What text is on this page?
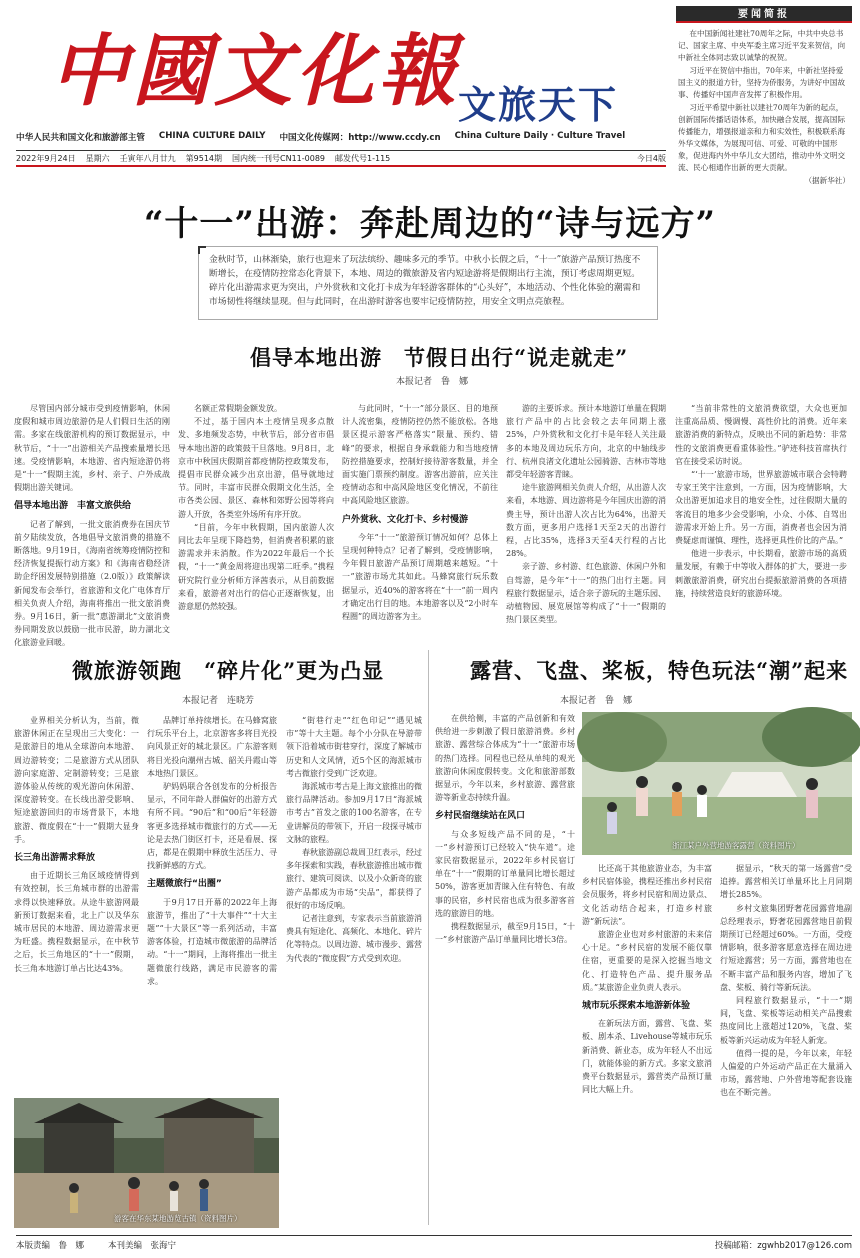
中國文化報
文旅天下
中华人民共和国文化和旅游部主管 CHINA CULTURE DAILY 中国文化传媒网：http://www.ccdy.cn China Culture Daily · Culture Travel
2022年9月24日 星期六 壬寅年八月廿九 第9514期 国内统一刊号CN11-0089 邮发代号1-115	今日4版
要闻简报

在中国新闻社建社70周年之际，中共中央总书记、国家主席、中央军委主席习近平发来贺信，向中新社全体同志致以诚挚的祝贺。

习近平在贺信中指出，70年来，中新社坚持爱国主义的报道方针，坚持为侨服务，为讲好中国故事、传播好中国声音发挥了积极作用。

习近平希望中新社以建社70周年为新的起点，创新国际传播话语体系，加快融合发展，提高国际传播能力，增强报道亲和力和实效性，积极联系海外华文媒体，为展现可信、可爱、可敬的中国形象，促进海内外中华儿女大团结，推动中外文明交流、民心相通作出新的更大贡献。

（据新华社）

“十一”出游：奔赴周边的“诗与远方”
金秋时节，山林渐染，旅行也迎来了玩法缤纷、趣味多元的季节。中秋小长假之后，“十一”旅游产品预订热度不断增长，在疫情防控常态化背景下，本地、周边的微旅游及省内短途游将是假期出行主流，预订考虑周期更短。碎片化出游需求更为突出，户外赏秋和文化打卡成为年轻游客群体的“心头好”，本地活动、个性化体验的潮需和市场韧性将继续显现。但与此同时，在出游时游客也要牢记疫情防控，用安全文明点亮旅程。
倡导本地出游　节假日出行“说走就走”
本报记者　鲁　娜

尽管国内部分城市受到疫情影响，休闲度假和城市周边旅游仍是人们假日生活的刚需。多家在线旅游机构的预订数据显示，中秋节后，“十一”出游相关产品搜索量增长迅速。受疫情影响，本地游、省内短途游仍将是“十一”假期主流，乡村、亲子、户外成战假期出游关键词。

倡导本地出游　丰富文旅供给

记者了解到，一批文旅消费券在国庆节前夕陆续发放，各地倡导文旅消费的措施不断落地。9月19日，《海南省统筹疫情防控和经济恢复提振行动方案》和《海南省稳经济助企纾困发展特别措施（2.0版）》政策解读新闻发布会举行，省旅游和文化广电体育厅相关负责人介绍，海南将推出一批文旅消费券。9月16日，新一批“惠游湖北”文旅消费券同期发放以鼓励一批市民游，助力湖北文化旅游业回暖。

名额正常假期金额发放。

不过，基于国内本土疫情呈现多点散发、多地频发态势，中秋节后，部分省市倡导本地出游的政策鼓干旦落地。9月8日，北京市中秋国庆假期首都疫情防控政策发布，提倡市民群众减少出京出游，倡导就地过节。同时，丰富市民群众假期文化生活，全市各类公园、景区、森林和郊野公园等将向游人开放，各类室外场所有序开放。

“目前，今年中秋假期，国内旅游人次同比去年呈现下降趋势，但消费者积累的旅游需求并未消散。作为2022年最后一个长假，“十一”黄金周将迎出现第二旺季。”携程研究院行业分析师方泽茜表示，从目前数据来看，旅游者对出行的信心正逐渐恢复，出游意愿仍然较强。

与此同时，“十一”部分景区、目的地预计人流密集，疫情防控仍然不能放松。各地景区提示游客严格落实“限量、预约、错峰”的要求，根据自身承载能力和当地疫情防控措施要求，控制好接待游客数量，并全面实施门票预约制度。游客出游前，应关注疫情动态和中高风险地区变化情况，不前往中高风险地区旅游。

户外赏秋、文化打卡、乡村慢游

今年“十一”旅游预订情况如何？总体上呈现何种特点？记者了解到，受疫情影响，今年假日旅游产品预订周期越来越短。“十一”旅游市场尤其如此。马蜂窝旅行玩乐数据显示，近40%的游客将在“十一”前一周内才确定出行目的地。本地游客以及“2小时车程圈”的周边游客为主。

游的主要诉求。预计本地游订单量在假期旅行产品中的占比会较之去年同期上涨25%，户外赏秋和文化打卡是年轻人关注最多的本地及周边玩乐方向，北京的中轴线步行、杭州良渚文化遗址公园骑游、吉林市等地都受年轻游客青睐。

途牛旅游网相关负责人介绍，从出游人次来看，本地游、周边游将是今年国庆出游的消费主导，预计出游人次占比为64%，出游天数方面，更多用户选择1天至2天的出游行程，占比35%，选择3天至4天行程的占比28%。

亲子游、乡村游、红色旅游、休闲户外和自驾游，是今年“十一”的热门出行主题。同程旅行数据显示，适合亲子游玩的主题乐园、动植物园、展览展馆等构成了“十一”假期的热门景区类型。

“当前非常性的文旅消费欲望，大众也更加注重高品质、慢调慢、高性价比的消费。近年来旅游消费的新特点，反映出不同的新趋势：非常性的文旅消费更看重体验性。”驴迹科技首席执行官在接受采访时说。

“‘十一’旅游市场，世界旅游城市联合会特聘专家王笑宇注意到，一方面，因为疫情影响，大众出游更加追求目的地安全性，过往假期大量的客流目的地多少会受影响，小众、小体、自驾出游需求开始上升。另一方面，消费者也会因为消费疑虑而谨慎、理性，选择更具性价比的产品。”

他进一步表示，中长期看，旅游市场的高质量发展，有赖于中等收入群体的扩大，要进一步刺激旅游消费，研究出台提振旅游消费的各项措施，持续营造良好的旅游环境。

微旅游领跑　“碎片化”更为凸显
本报记者　连晓芳

业界相关分析认为，当前，微旅游休闲正在呈现出三大变化：一是旅游目的地从全球游向本地游、周边游转变；二是旅游方式从团队游向家庭游、定制游转变；三是旅游体验从传统的观光游向休闲游、深度游转变。在长线出游受影响、短途旅游回归的市场背景下，本地旅游、微度假在“十一”假期大显身手。

长三角出游需求释放

由于近期长三角区域疫情得到有效控制，长三角城市群的出游需求得以快速释放。从途牛旅游网最新预订数据来看，北上广以及华东城市居民的本地游、周边游需求更为旺盛。携程数据显示，在中秋节之后，长三角地区的“十一”假期，长三角本地游订单占比达43%。

品牌订单持续增长。在马蜂窝旅行玩乐平台上，北京游客多将目光投向风景正好的城北景区。广东游客则将目光投向潮州古城、韶关丹霞山等本地热门景区。

驴妈妈联合各创发布的分析报告显示，不同年龄人群偏好的出游方式有所不同。“90后”和“00后”年轻游客更多选择城市微旅行的方式——无论是去热门街区打卡，还是看展、探店，都是在假期中释放生活压力、寻找新鲜感的方式。

主题微旅行“出圈”

于9月17日开幕的2022年上海旅游节，推出了“十大事件”“十大主题”“十大景区”等一系列活动，丰富游客体验，打造城市微旅游的品牌活动。“十一”期间，上海将推出一批主题微旅行线路，满足市民游客的需求。

“街巷行走”“红色印记”“遇见城市”等十大主题。每个小分队在导游带领下沿着城市街巷穿行，深度了解城市历史和人文风情，近5个区的海派城市考古微旅行受到广泛欢迎。

海派城市考古是上海文旅推出的微旅行品牌活动。参加9月17日“海派城市考古”首发之旅的100名游客，在专业讲解员的带领下，开启一段探寻城市文脉的旅程。

春秋旅游副总裁周卫红表示，经过多年探索和实践，春秋旅游推出城市微旅行、建筑可阅读、以及小众新奇的旅游产品都成为市场“尖品”，都获得了很好的市场反响。

记者注意到，专家表示当前旅游消费具有短途化、高频化、本地化、碎片化等特点。以周边游、城市漫步、露营为代表的“微度假”方式受到欢迎。

游客在华东某地游览古镇（资料图片）
露营、飞盘、桨板，特色玩法“潮”起来
本报记者　鲁　娜
浙江某户外营地游客露营（资料图片）

在供给侧，丰富的产品创新和有效供给进一步刺激了假日旅游消费。乡村旅游、露营综合体成为“十一”旅游市场的热门选择。同程也已经从单纯的观光旅游向休闲度假转变。文化和旅游部数据显示，今年以来，乡村旅游、露营旅游等新业态持续升温。

乡村民宿继续站在风口

与众多短线产品不同的是，“十一”乡村游预订已经较入“快车道”。途家民宿数据显示，2022年乡村民宿订单在“十一”假期的订单量同比增长超过50%，游客更加青睐入住有特色、有故事的民宿，乡村民宿也成为很多游客首选的旅游目的地。

携程数据显示，截至9月15日，“十一”乡村旅游产品订单量同比增长3倍。

比还高于其他旅游业态，为丰富乡村民宿体验，携程还推出乡村民宿会员服务，将乡村民宿和周边景点、文化活动结合起来，打造乡村旅游“新玩法”。

旅游企业也对乡村旅游的未来信心十足。“乡村民宿的发展不能仅靠住宿，更重要的是深入挖掘当地文化、打造特色产品、提升服务品质。”某旅游企业负责人表示。

城市玩乐探索本地游新体验

在新玩法方面，露营、飞盘、桨板、剧本杀、Livehouse等城市玩乐新消费、新业态，成为年轻人不出远门，就能体验的新方式。多家文旅消费平台数据显示，露营类产品预订量同比大幅上升。

据显示，“秋天的第一场露营”受追捧。露营相关订单量环比上月同期增长285%。

乡村文旅集团野奢花园露营地副总经理表示，野奢花园露营地目前假期预订已经超过60%。一方面，受疫情影响，很多游客愿意选择在周边进行短途露营；另一方面，露营地也在不断丰富产品和服务内容，增加了飞盘、桨板、骑行等新玩法。

同程旅行数据显示，“十一”期间，飞盘、桨板等运动相关产品搜索热度同比上涨超过120%，飞盘、桨板等新兴运动成为年轻人新宠。

值得一提的是，今年以来，年轻人偏爱的户外运动产品正在大量涌入市场，露营地、户外营地等配套设施也在不断完善。

本版责编　鲁　娜	本刊美编　张海宁	投稿邮箱：zgwhb2017@126.com
